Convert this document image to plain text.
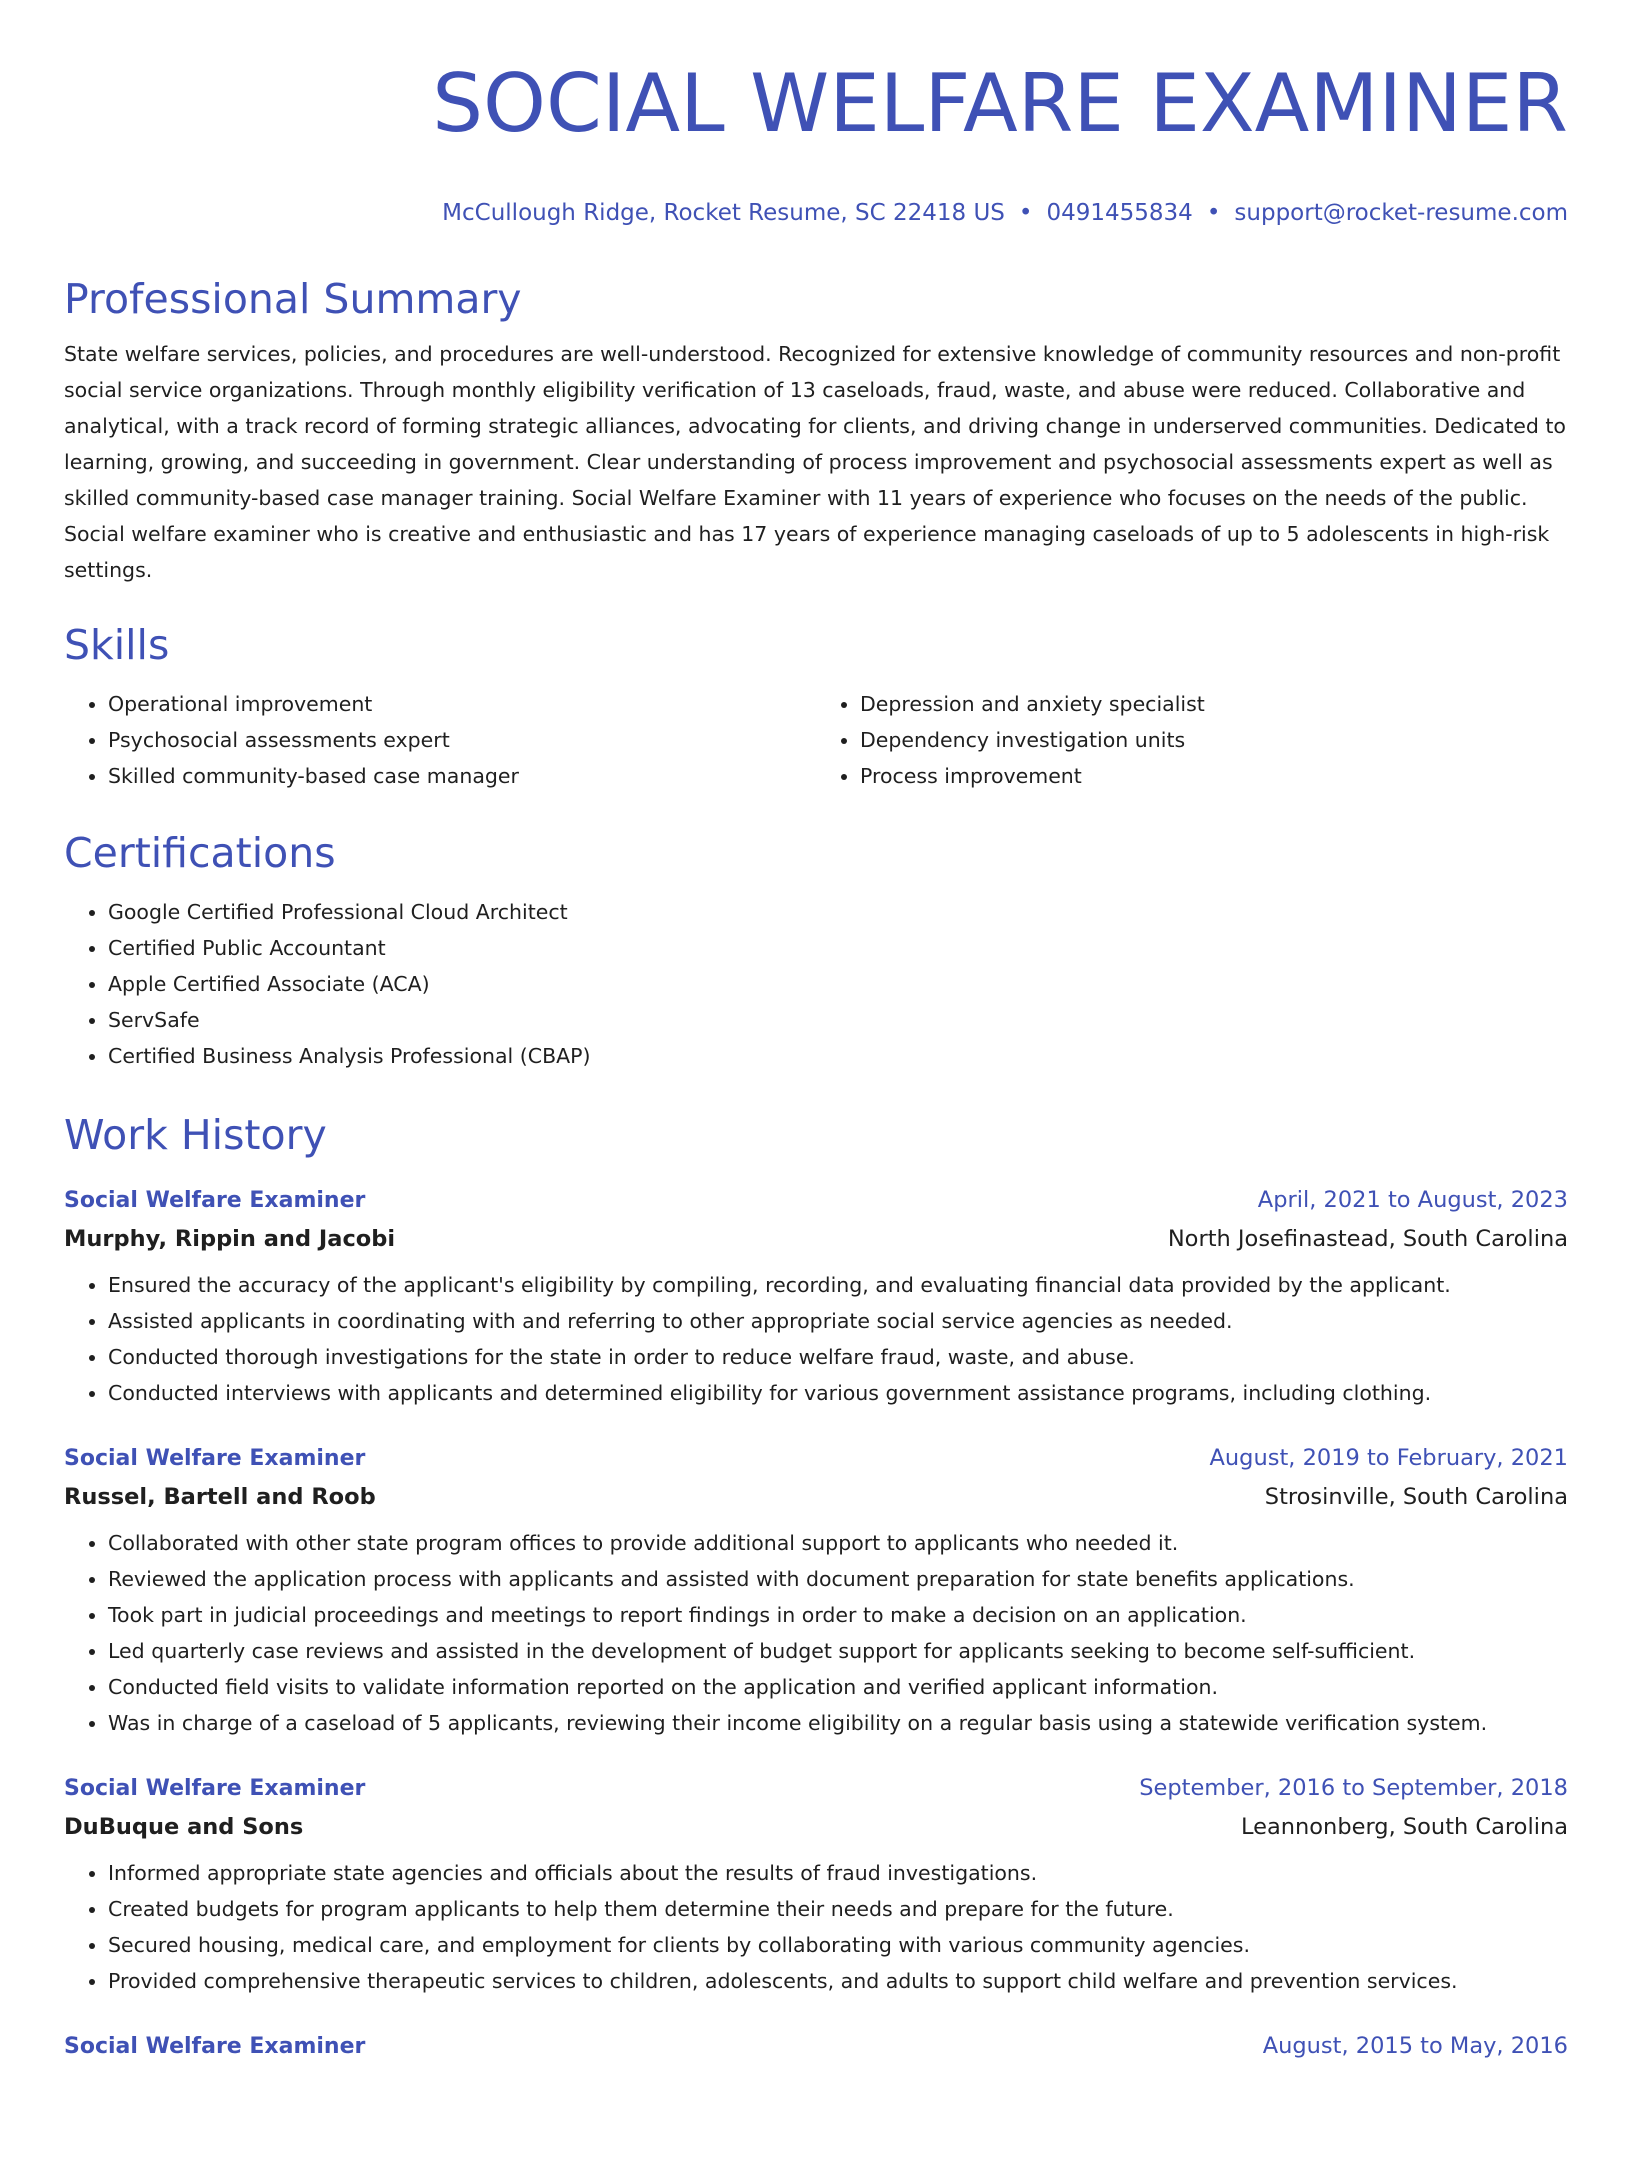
SOCIAL WELFARE EXAMINER
McCullough Ridge, Rocket Resume, SC 22418 US • 0491455834 • support@rocket-resume.com
Professional Summary
State welfare services, policies, and procedures are well-understood. Recognized for extensive knowledge of community resources and non-profit social service organizations. Through monthly eligibility verification of 13 caseloads, fraud, waste, and abuse were reduced. Collaborative and analytical, with a track record of forming strategic alliances, advocating for clients, and driving change in underserved communities. Dedicated to learning, growing, and succeeding in government. Clear understanding of process improvement and psychosocial assessments expert as well as skilled community-based case manager training. Social Welfare Examiner with 11 years of experience who focuses on the needs of the public. Social welfare examiner who is creative and enthusiastic and has 17 years of experience managing caseloads of up to 5 adolescents in high-risk settings.
Skills
• Operational improvement
• Psychosocial assessments expert
• Skilled community-based case manager
• Depression and anxiety specialist
• Dependency investigation units
• Process improvement
Certifications
• Google Certified Professional Cloud Architect
• Certified Public Accountant
• Apple Certified Associate (ACA)
• ServSafe
• Certified Business Analysis Professional (CBAP)
Work History
Social Welfare Examiner	April, 2021 to August, 2023
Murphy, Rippin and Jacobi	North Josefinastead, South Carolina
• Ensured the accuracy of the applicant's eligibility by compiling, recording, and evaluating financial data provided by the applicant.
• Assisted applicants in coordinating with and referring to other appropriate social service agencies as needed.
• Conducted thorough investigations for the state in order to reduce welfare fraud, waste, and abuse.
• Conducted interviews with applicants and determined eligibility for various government assistance programs, including clothing.
Social Welfare Examiner	August, 2019 to February, 2021
Russel, Bartell and Roob	Strosinville, South Carolina
• Collaborated with other state program offices to provide additional support to applicants who needed it.
• Reviewed the application process with applicants and assisted with document preparation for state benefits applications.
• Took part in judicial proceedings and meetings to report findings in order to make a decision on an application.
• Led quarterly case reviews and assisted in the development of budget support for applicants seeking to become self-sufficient.
• Conducted field visits to validate information reported on the application and verified applicant information.
• Was in charge of a caseload of 5 applicants, reviewing their income eligibility on a regular basis using a statewide verification system.
Social Welfare Examiner	September, 2016 to September, 2018
DuBuque and Sons	Leannonberg, South Carolina
• Informed appropriate state agencies and officials about the results of fraud investigations.
• Created budgets for program applicants to help them determine their needs and prepare for the future.
• Secured housing, medical care, and employment for clients by collaborating with various community agencies.
• Provided comprehensive therapeutic services to children, adolescents, and adults to support child welfare and prevention services.
Social Welfare Examiner	August, 2015 to May, 2016
